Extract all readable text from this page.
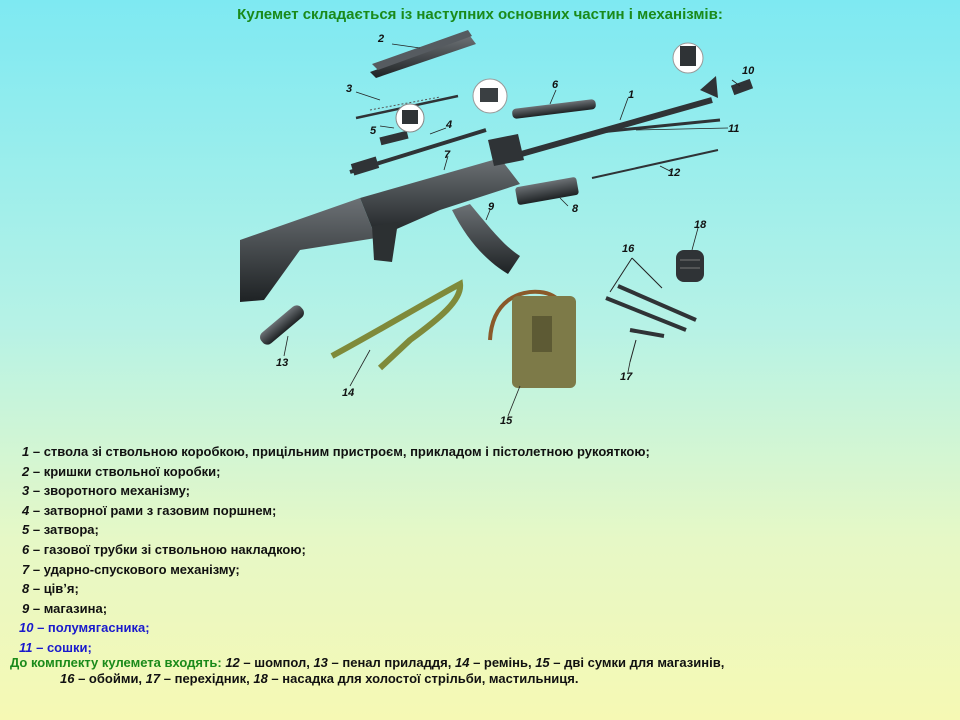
Кулемет складається із наступних основних частин і механізмів:
2
3
4
5
6
1
10
11
7
12
8
9
18
16
17
13
14
15
1 – ствола зі ствольною коробкою, прицільним пристроєм, прикладом і пістолетною рукояткою;
2 – кришки ствольної коробки;
3 – зворотного механізму;
4 – затворної рами з газовим поршнем;
5 – затвора;
6 – газової трубки зі ствольною накладкою;
7 – ударно-спускового механізму;
8 – цівʼя;
9 – магазина;
10 – полумягасника;
11 – сошки;
До комплекту кулемета входять: 12 – шомпол, 13 – пенал приладдя, 14 – ремінь, 15 – дві сумки для магазинів,
16 – обойми, 17 – перехідник, 18 – насадка для холостої стрільби, мастильниця.
